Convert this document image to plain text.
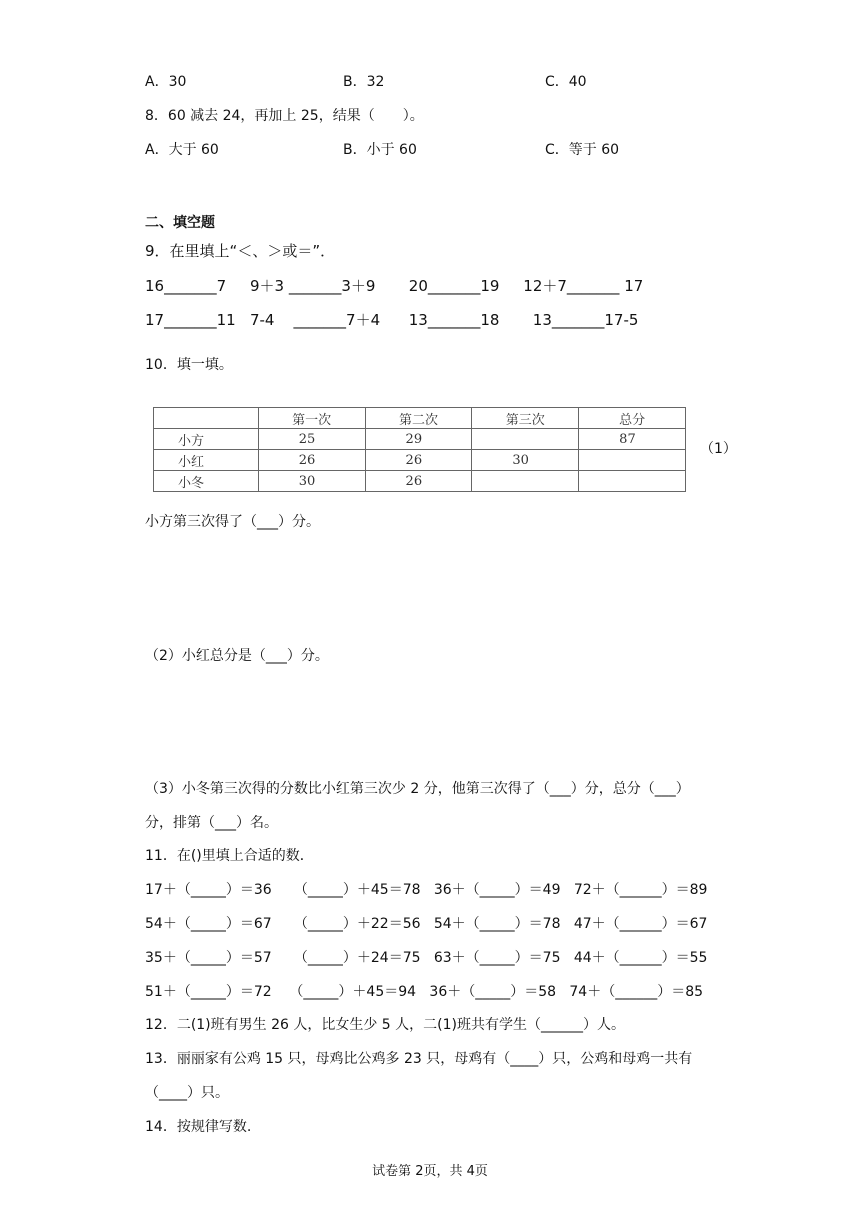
A．30	B．32	C．40
8．60 减去 24，再加上 25，结果（　　）。
A．大于 60	B．小于 60	C．等于 60
二、填空题
9．在里填上“＜、＞或＝”．
16_______7     9＋3 _______3＋9       20_______19     12＋7_______ 17
17_______11   7-4    _______7＋4      13_______18       13_______17-5
10．填一填。
	第一次	第二次	第三次	总分
小方	25	29		87
小红	26	26	30	
小冬	30	26		
（1）
小方第三次得了（___）分。
（2）小红总分是（___）分。
（3）小冬第三次得的分数比小红第三次少 2 分，他第三次得了（___）分，总分（___）
分，排第（___）名。
11．在()里填上合适的数．
17＋（_____）＝36     （_____）＋45＝78   36＋（_____）＝49   72＋（______）＝89
54＋（_____）＝67     （_____）＋22＝56   54＋（_____）＝78   47＋（______）＝67
35＋（_____）＝57     （_____）＋24＝75   63＋（_____）＝75   44＋（______）＝55
51＋（_____）＝72    （_____）＋45＝94   36＋（_____）＝58   74＋（______）＝85
12．二(1)班有男生 26 人，比女生少 5 人，二(1)班共有学生（______）人。
13．丽丽家有公鸡 15 只，母鸡比公鸡多 23 只，母鸡有（____）只，公鸡和母鸡一共有
（____）只。
14．按规律写数.
试卷第 2页，共 4页
